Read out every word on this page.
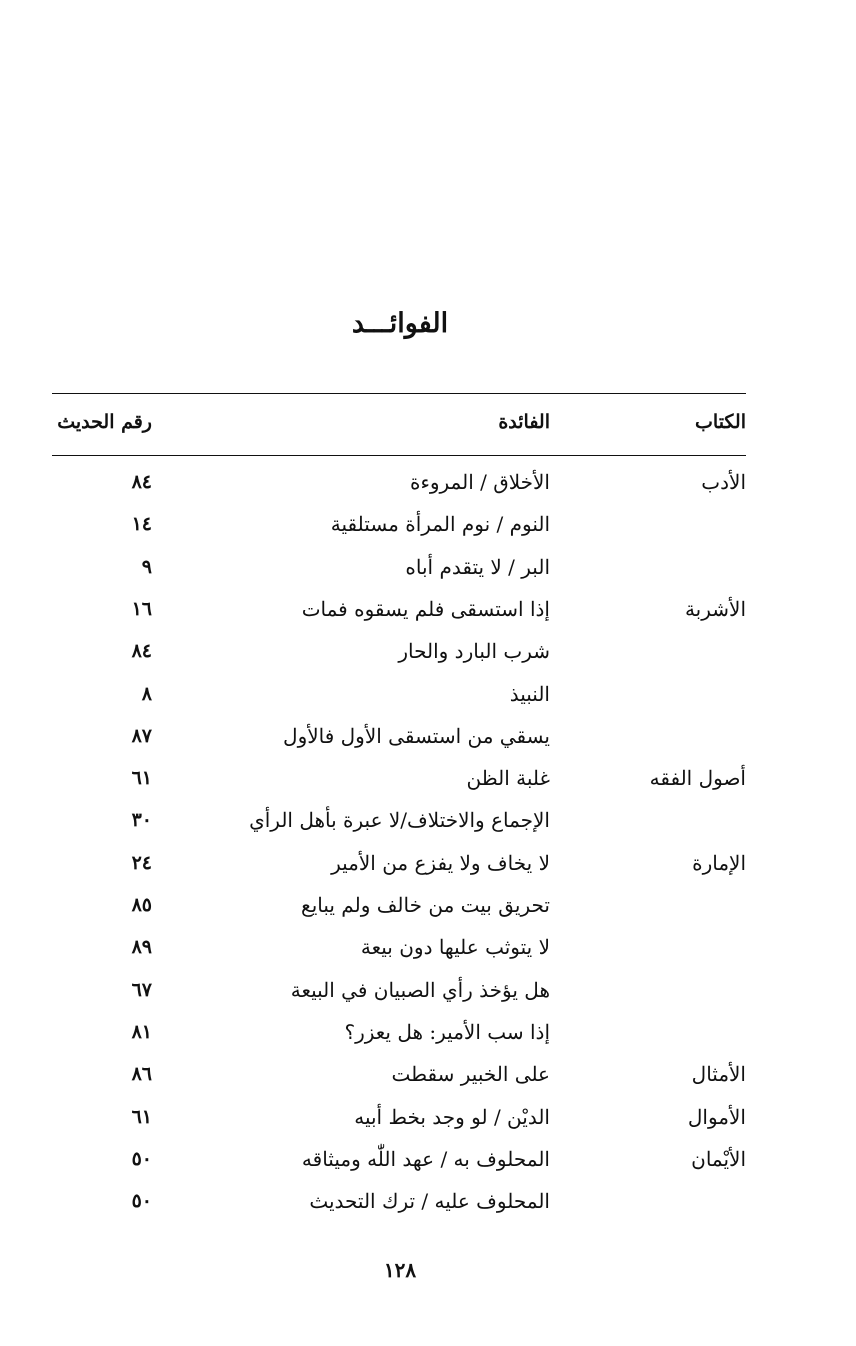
الفوائـــد
الكتاب
الفائدة
رقم الحديث
الأدب
الأخلاق / المروءة
٨٤
النوم / نوم المرأة مستلقية
١٤
البر / لا يتقدم أباه
٩
الأشربة
إذا استسقى فلم يسقوه فمات
١٦
شرب البارد والحار
٨٤
النبيذ
٨
يسقي من استسقى الأول فالأول
٨٧
أصول الفقه
غلبة الظن
٦١
الإجماع والاختلاف/لا عبرة بأهل الرأي
٣٠
الإمارة
لا يخاف ولا يفزع من الأمير
٢٤
تحريق بيت من خالف ولم يبايع
٨٥
لا يتوثب عليها دون بيعة
٨٩
هل يؤخذ رأي الصبيان في البيعة
٦٧
إذا سب الأمير: هل يعزر؟
٨١
الأمثال
على الخبير سقطت
٨٦
الأموال
الديْن / لو وجد بخط أبيه
٦١
الأيْمان
المحلوف به / عهد اللّٰه وميثاقه
٥٠
المحلوف عليه / ترك التحديث
٥٠
١٢٨
